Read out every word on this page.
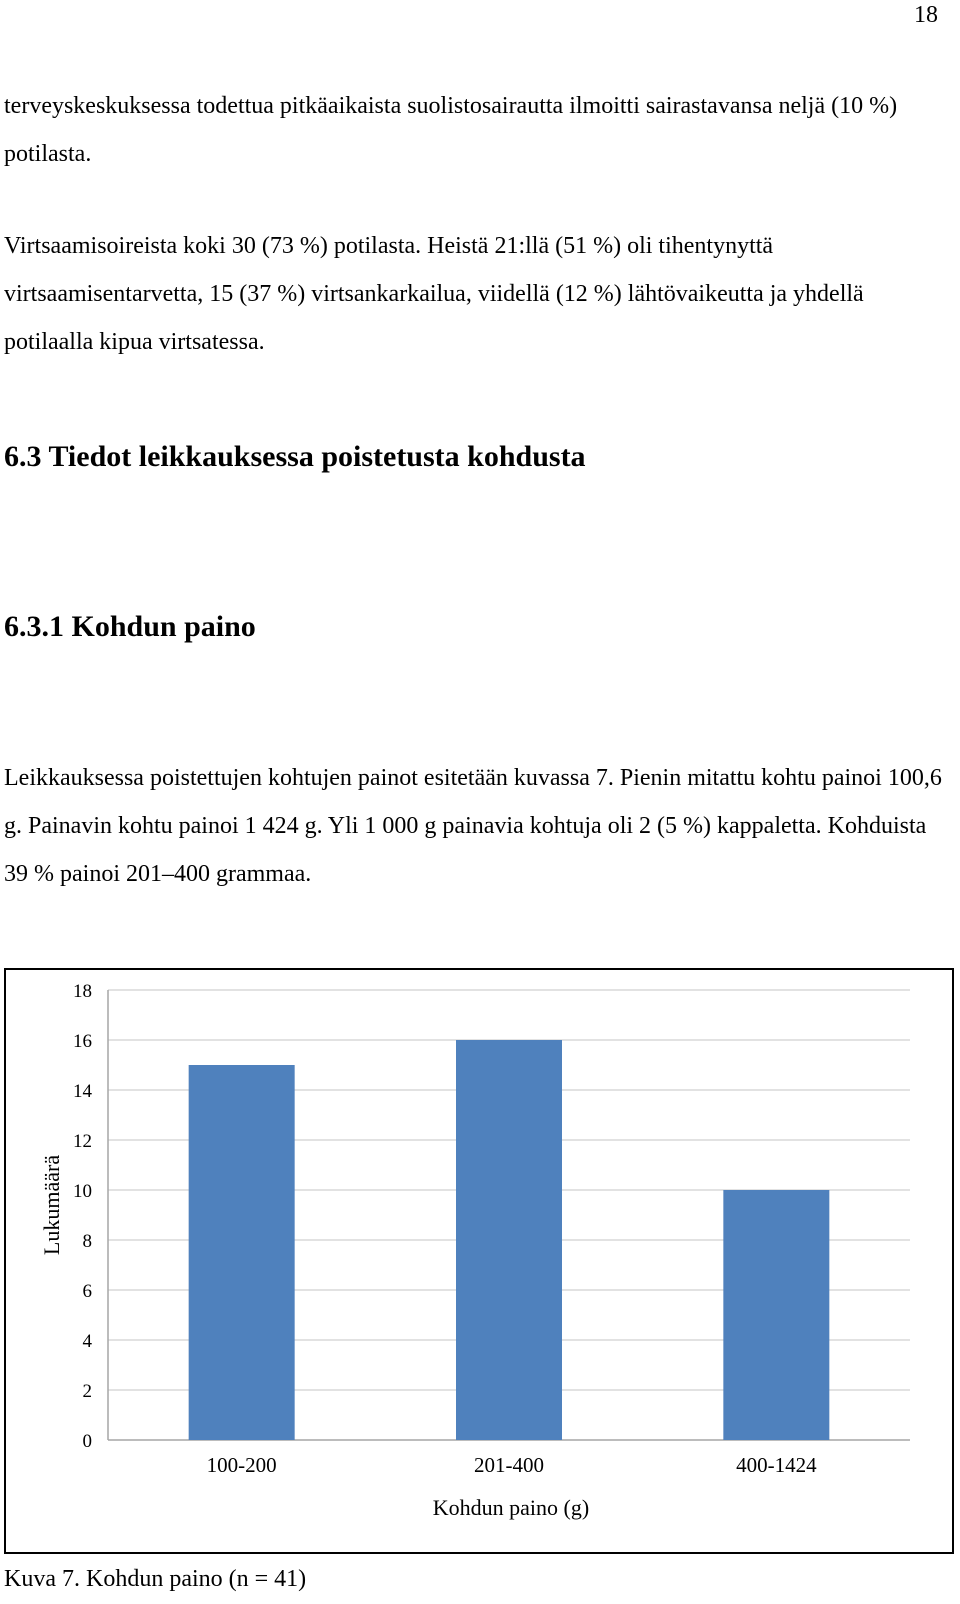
18

terveyskeskuksessa todettua pitkäaikaista suolistosairautta ilmoitti sairastavansa neljä (10 %) potilasta.

Virtsaamisoireista koki 30 (73 %) potilasta. Heistä 21:llä (51 %) oli tihentynyttä virtsaamisentarvetta, 15 (37 %) virtsankarkailua, viidellä (12 %) lähtövaikeutta ja yhdellä potilaalla kipua virtsatessa.

6.3 Tiedot leikkauksessa poistetusta kohdusta
6.3.1 Kohdun paino

Leikkauksessa poistettujen kohtujen painot esitetään kuvassa 7. Pienin mitattu kohtu painoi 100,6 g. Painavin kohtu painoi 1 424 g. Yli 1 000 g painavia kohtuja oli 2 (5 %) kappaletta. Kohduista 39 % painoi 201–400 grammaa.

0
2
4
6
8
10
12
14
16
18
100-200	201-400	400-1424
Kohdun paino (g)
Lukumäärä

Kuva 7. Kohdun paino (n = 41)
